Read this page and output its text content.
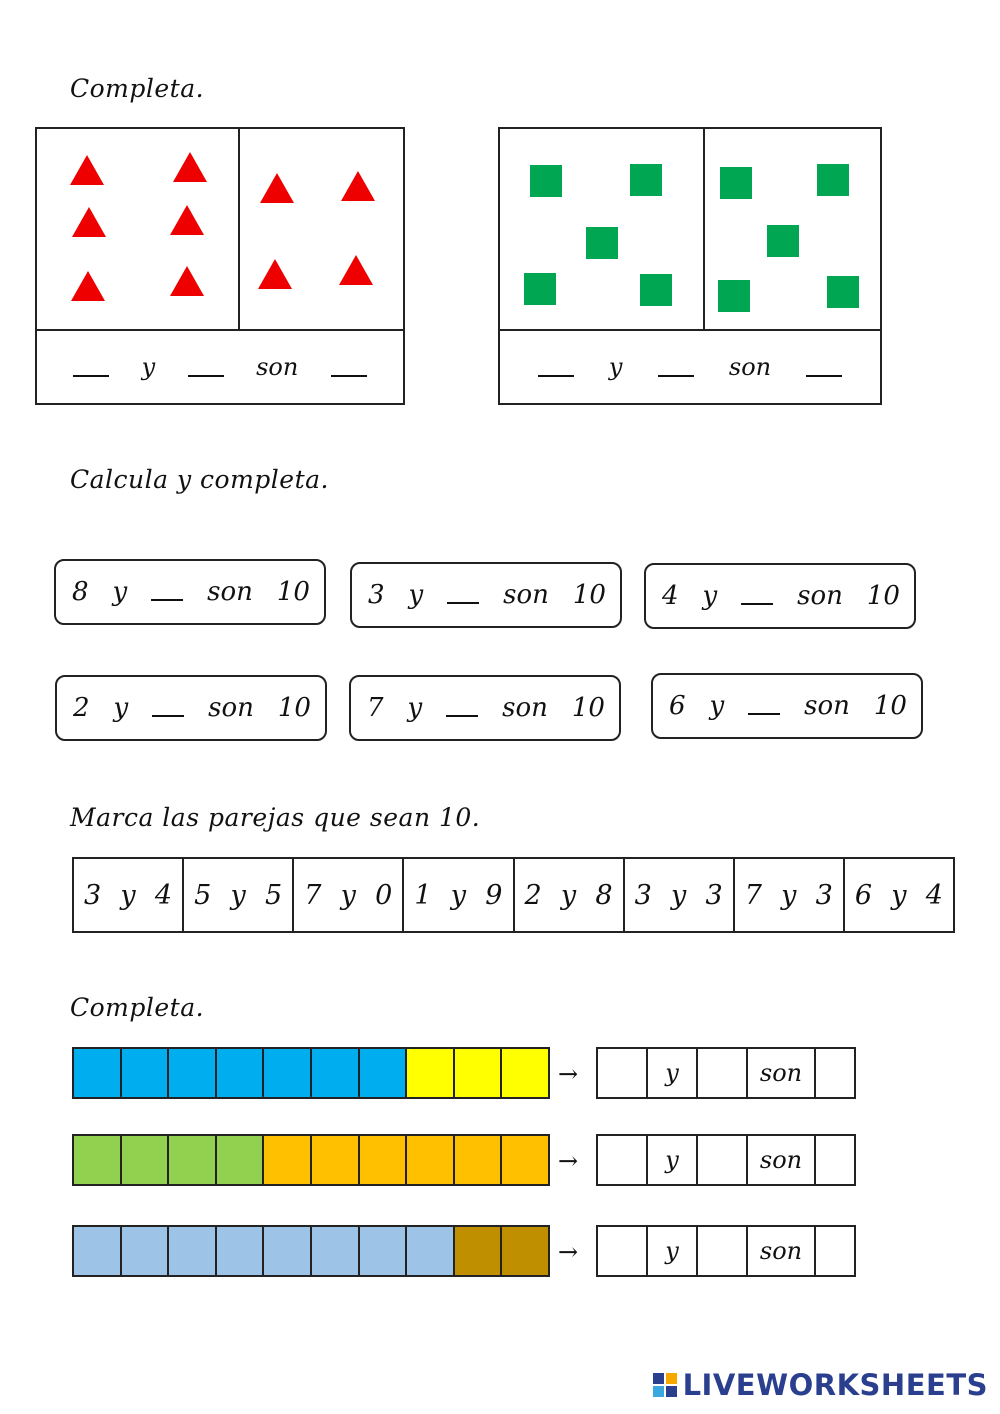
Completa.
y	son	y	son
Calcula y completa.
8 y	son 10 3 y	son 10 4 y	son 10
2 y	son 10 7 y	son 10 6 y	son 10
Marca las parejas que sean 10.
3 y 4 5 y 5 7 y 0 1 y 9 2 y 8 3 y 3 7 y 3 6 y 4
Completa.
→	y	son
→	y	son
→	y	son
LIVEWORKSHEETS
